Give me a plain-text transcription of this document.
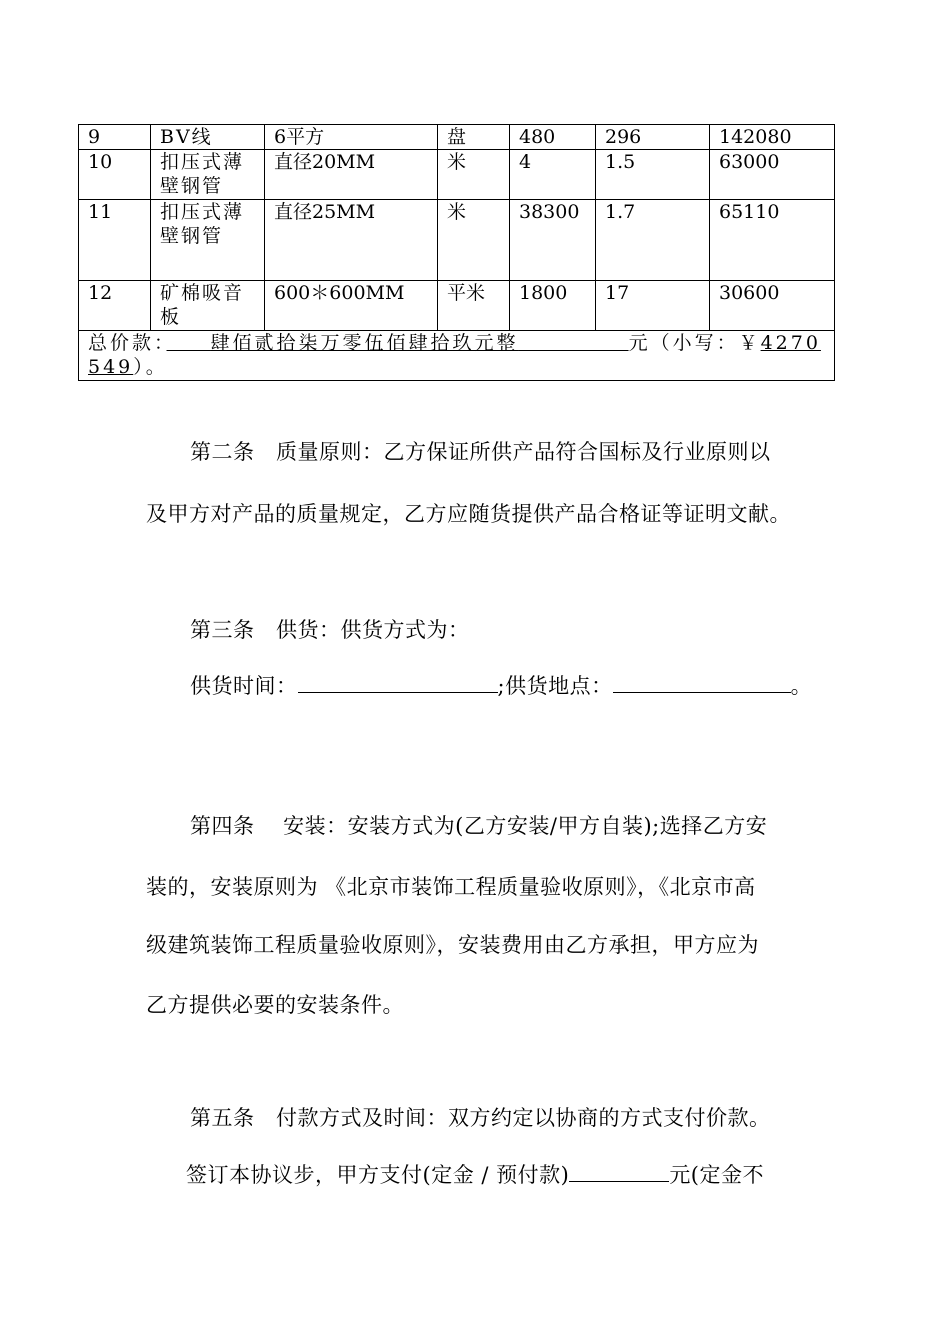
9	BV线	6平方	盘	480	296	142080
10	扣压式薄壁钢管	直径20MM	米	4	1.5	63000
11	扣压式薄壁钢管	直径25MM	米	38300	1.7	65110
12	矿棉吸音板	600＊600MM	平米	1800	17	30600
总价款：　　 肆佰贰拾柒万零伍佰肆拾玖元整　　　　　 元（小写：￥4270549）。						
第二条　质量原则：乙方保证所供产品符合国标及行业原则以
及甲方对产品的质量规定，乙方应随货提供产品合格证等证明文献。
第三条　供货：供货方式为：
供货时间：	;供货地点：	。
第四条　 安装：安装方式为(乙方安装/甲方自装);选择乙方安
装的，安装原则为 《北京市装饰工程质量验收原则》，《北京市高
级建筑装饰工程质量验收原则》，安装费用由乙方承担，甲方应为
乙方提供必要的安装条件。
第五条　付款方式及时间：双方约定以协商的方式支付价款。
签订本协议步，甲方支付(定金 / 预付款)	元(定金不
